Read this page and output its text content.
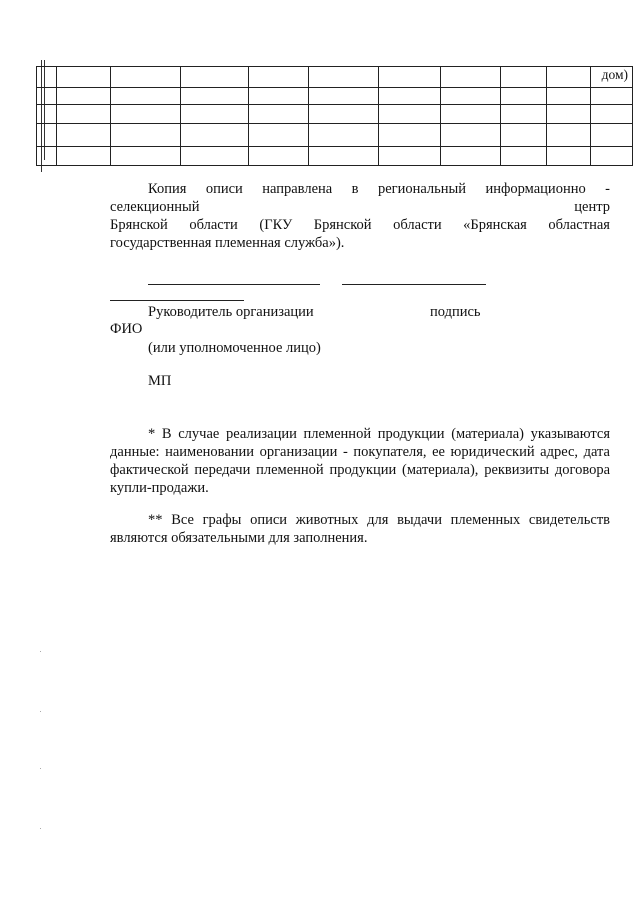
										дом)

Копия описи направлена в региональный информационно -
селекционный	центр
Брянской области (ГКУ Брянской области «Брянская областная
государственная племенная служба»).
Руководитель организации	подпись
ФИО
(или уполномоченное лицо)
МП
* В случае реализации племенной продукции (материала) указываются данные: наименовании организации - покупателя, ее юридический адрес, дата фактической передачи племенной продукции (материала), реквизиты договора купли-продажи.
** Все графы описи животных для выдачи племенных свидетельств являются обязательными для заполнения.
